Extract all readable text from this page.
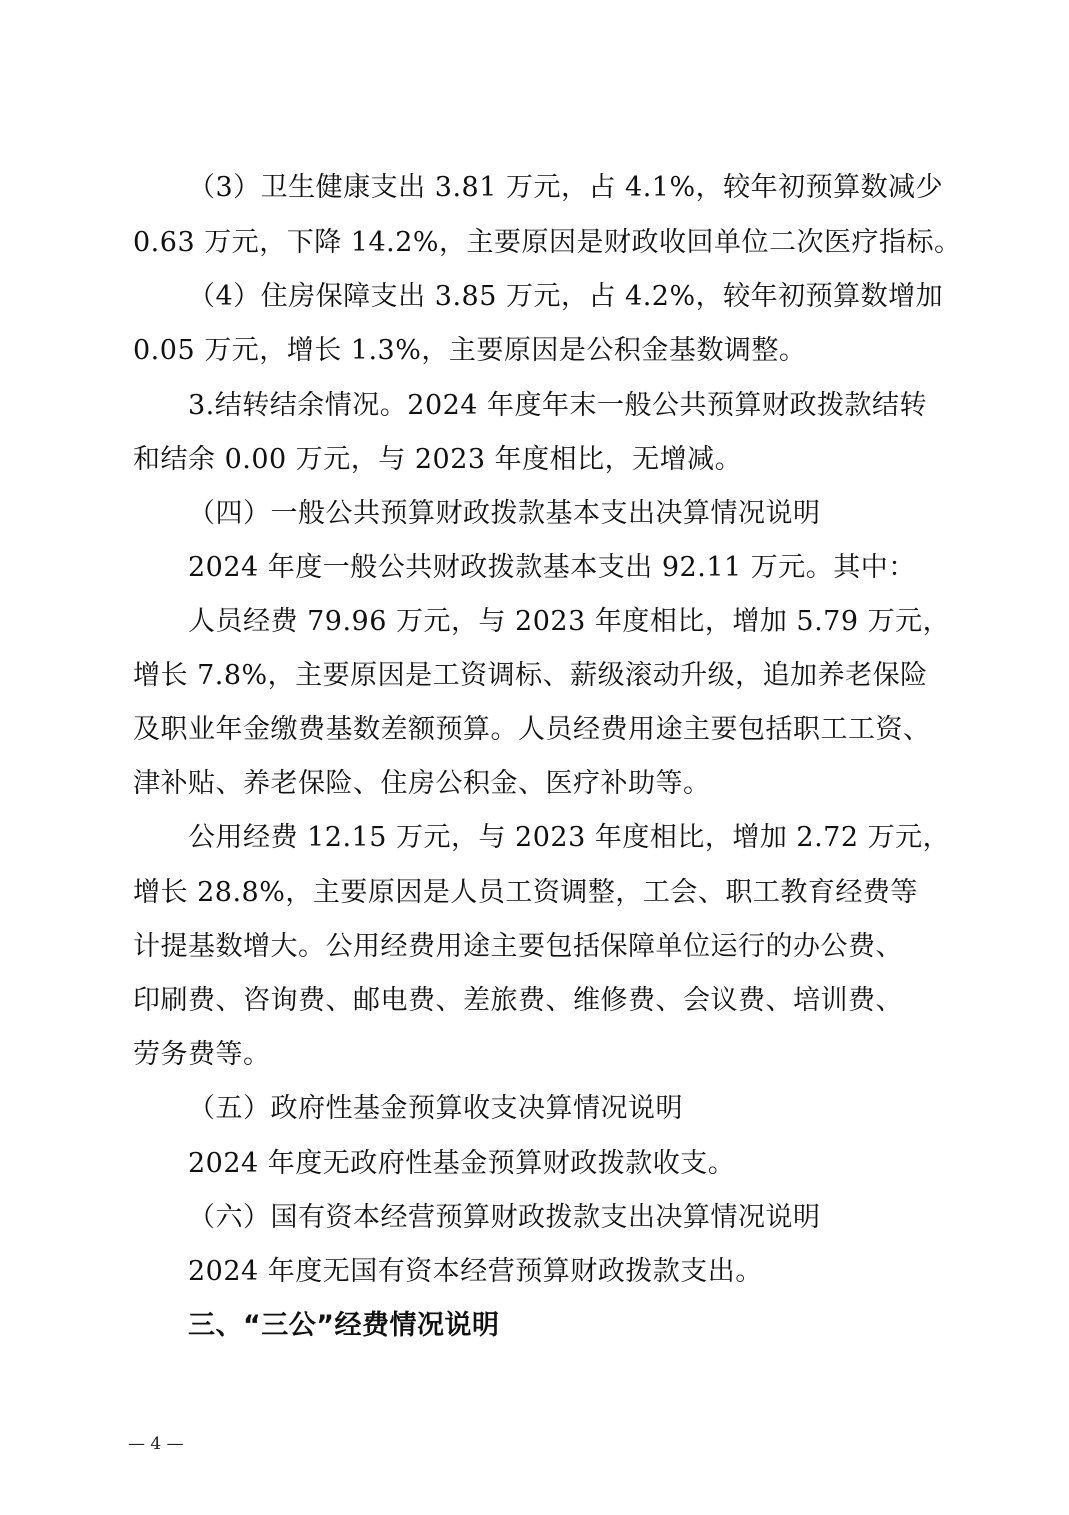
（3）卫生健康支出 3.81 万元，占 4.1%，较年初预算数减少
0.63 万元，下降 14.2%，主要原因是财政收回单位二次医疗指标。
（4）住房保障支出 3.85 万元，占 4.2%，较年初预算数增加
0.05 万元，增长 1.3%，主要原因是公积金基数调整。
3.结转结余情况。2024 年度年末一般公共预算财政拨款结转
和结余 0.00 万元，与 2023 年度相比，无增减。
（四）一般公共预算财政拨款基本支出决算情况说明
2024 年度一般公共财政拨款基本支出 92.11 万元。其中：
人员经费 79.96 万元，与 2023 年度相比，增加 5.79 万元，
增长 7.8%，主要原因是工资调标、薪级滚动升级，追加养老保险
及职业年金缴费基数差额预算。人员经费用途主要包括职工工资、
津补贴、养老保险、住房公积金、医疗补助等。
公用经费 12.15 万元，与 2023 年度相比，增加 2.72 万元，
增长 28.8%，主要原因是人员工资调整，工会、职工教育经费等
计提基数增大。公用经费用途主要包括保障单位运行的办公费、
印刷费、咨询费、邮电费、差旅费、维修费、会议费、培训费、
劳务费等。
（五）政府性基金预算收支决算情况说明
2024 年度无政府性基金预算财政拨款收支。
（六）国有资本经营预算财政拨款支出决算情况说明
2024 年度无国有资本经营预算财政拨款支出。
三、“三公”经费情况说明
— 4 —
